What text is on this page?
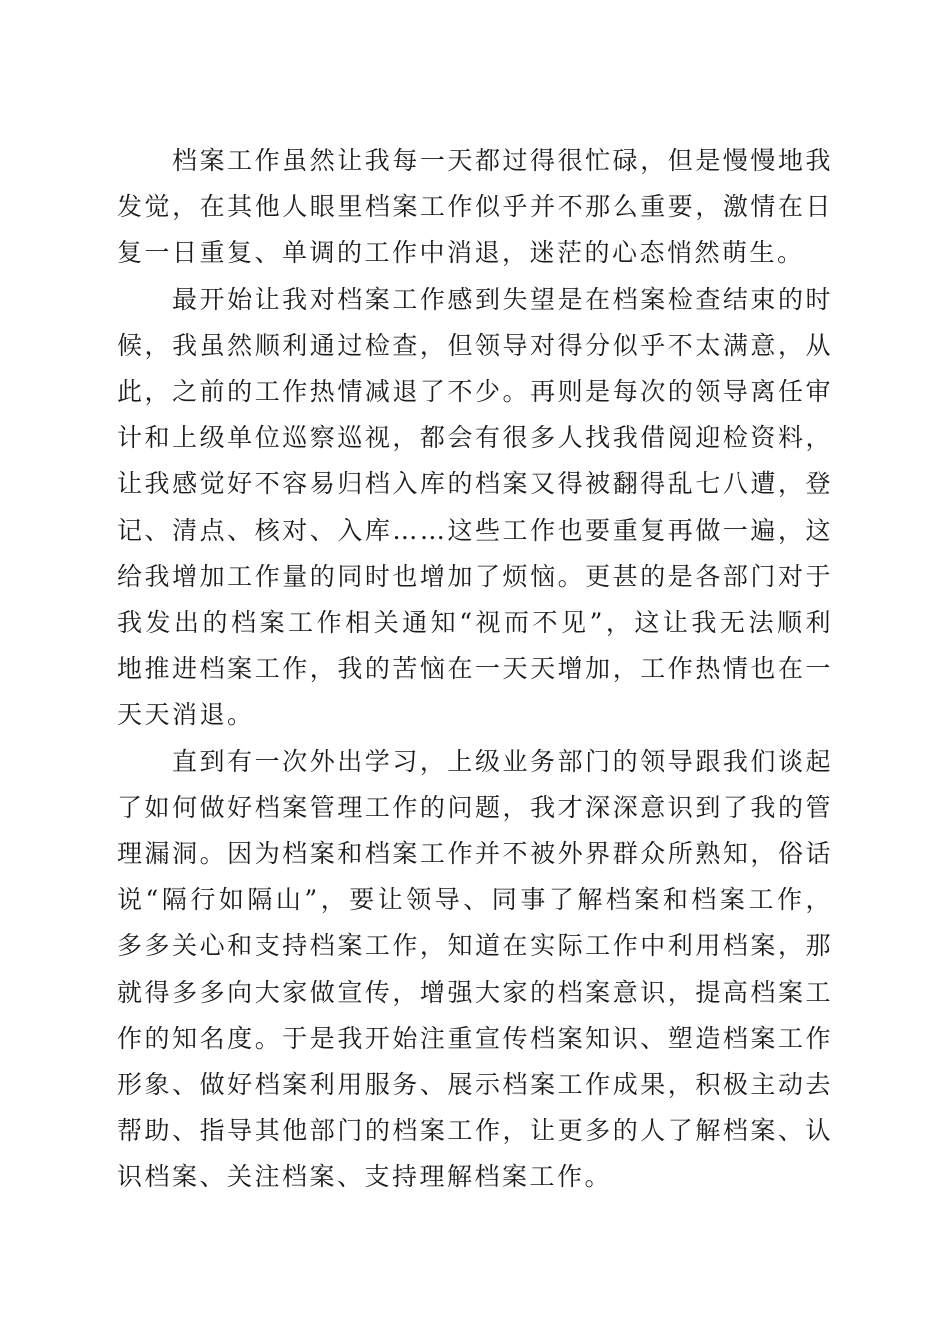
档案工作虽然让我每一天都过得很忙碌，但是慢慢地我发觉，在其他人眼里档案工作似乎并不那么重要，激情在日复一日重复、单调的工作中消退，迷茫的心态悄然萌生。

最开始让我对档案工作感到失望是在档案检查结束的时候，我虽然顺利通过检查，但领导对得分似乎不太满意，从此，之前的工作热情减退了不少。再则是每次的领导离任审计和上级单位巡察巡视，都会有很多人找我借阅迎检资料，让我感觉好不容易归档入库的档案又得被翻得乱七八遭，登记、清点、核对、入库……这些工作也要重复再做一遍，这给我增加工作量的同时也增加了烦恼。更甚的是各部门对于我发出的档案工作相关通知“视而不见”，这让我无法顺利地推进档案工作，我的苦恼在一天天增加，工作热情也在一天天消退。

直到有一次外出学习，上级业务部门的领导跟我们谈起了如何做好档案管理工作的问题，我才深深意识到了我的管理漏洞。因为档案和档案工作并不被外界群众所熟知，俗话说“隔行如隔山”，要让领导、同事了解档案和档案工作，多多关心和支持档案工作，知道在实际工作中利用档案，那就得多多向大家做宣传，增强大家的档案意识，提高档案工作的知名度。于是我开始注重宣传档案知识、塑造档案工作形象、做好档案利用服务、展示档案工作成果，积极主动去帮助、指导其他部门的档案工作，让更多的人了解档案、认识档案、关注档案、支持理解档案工作。
